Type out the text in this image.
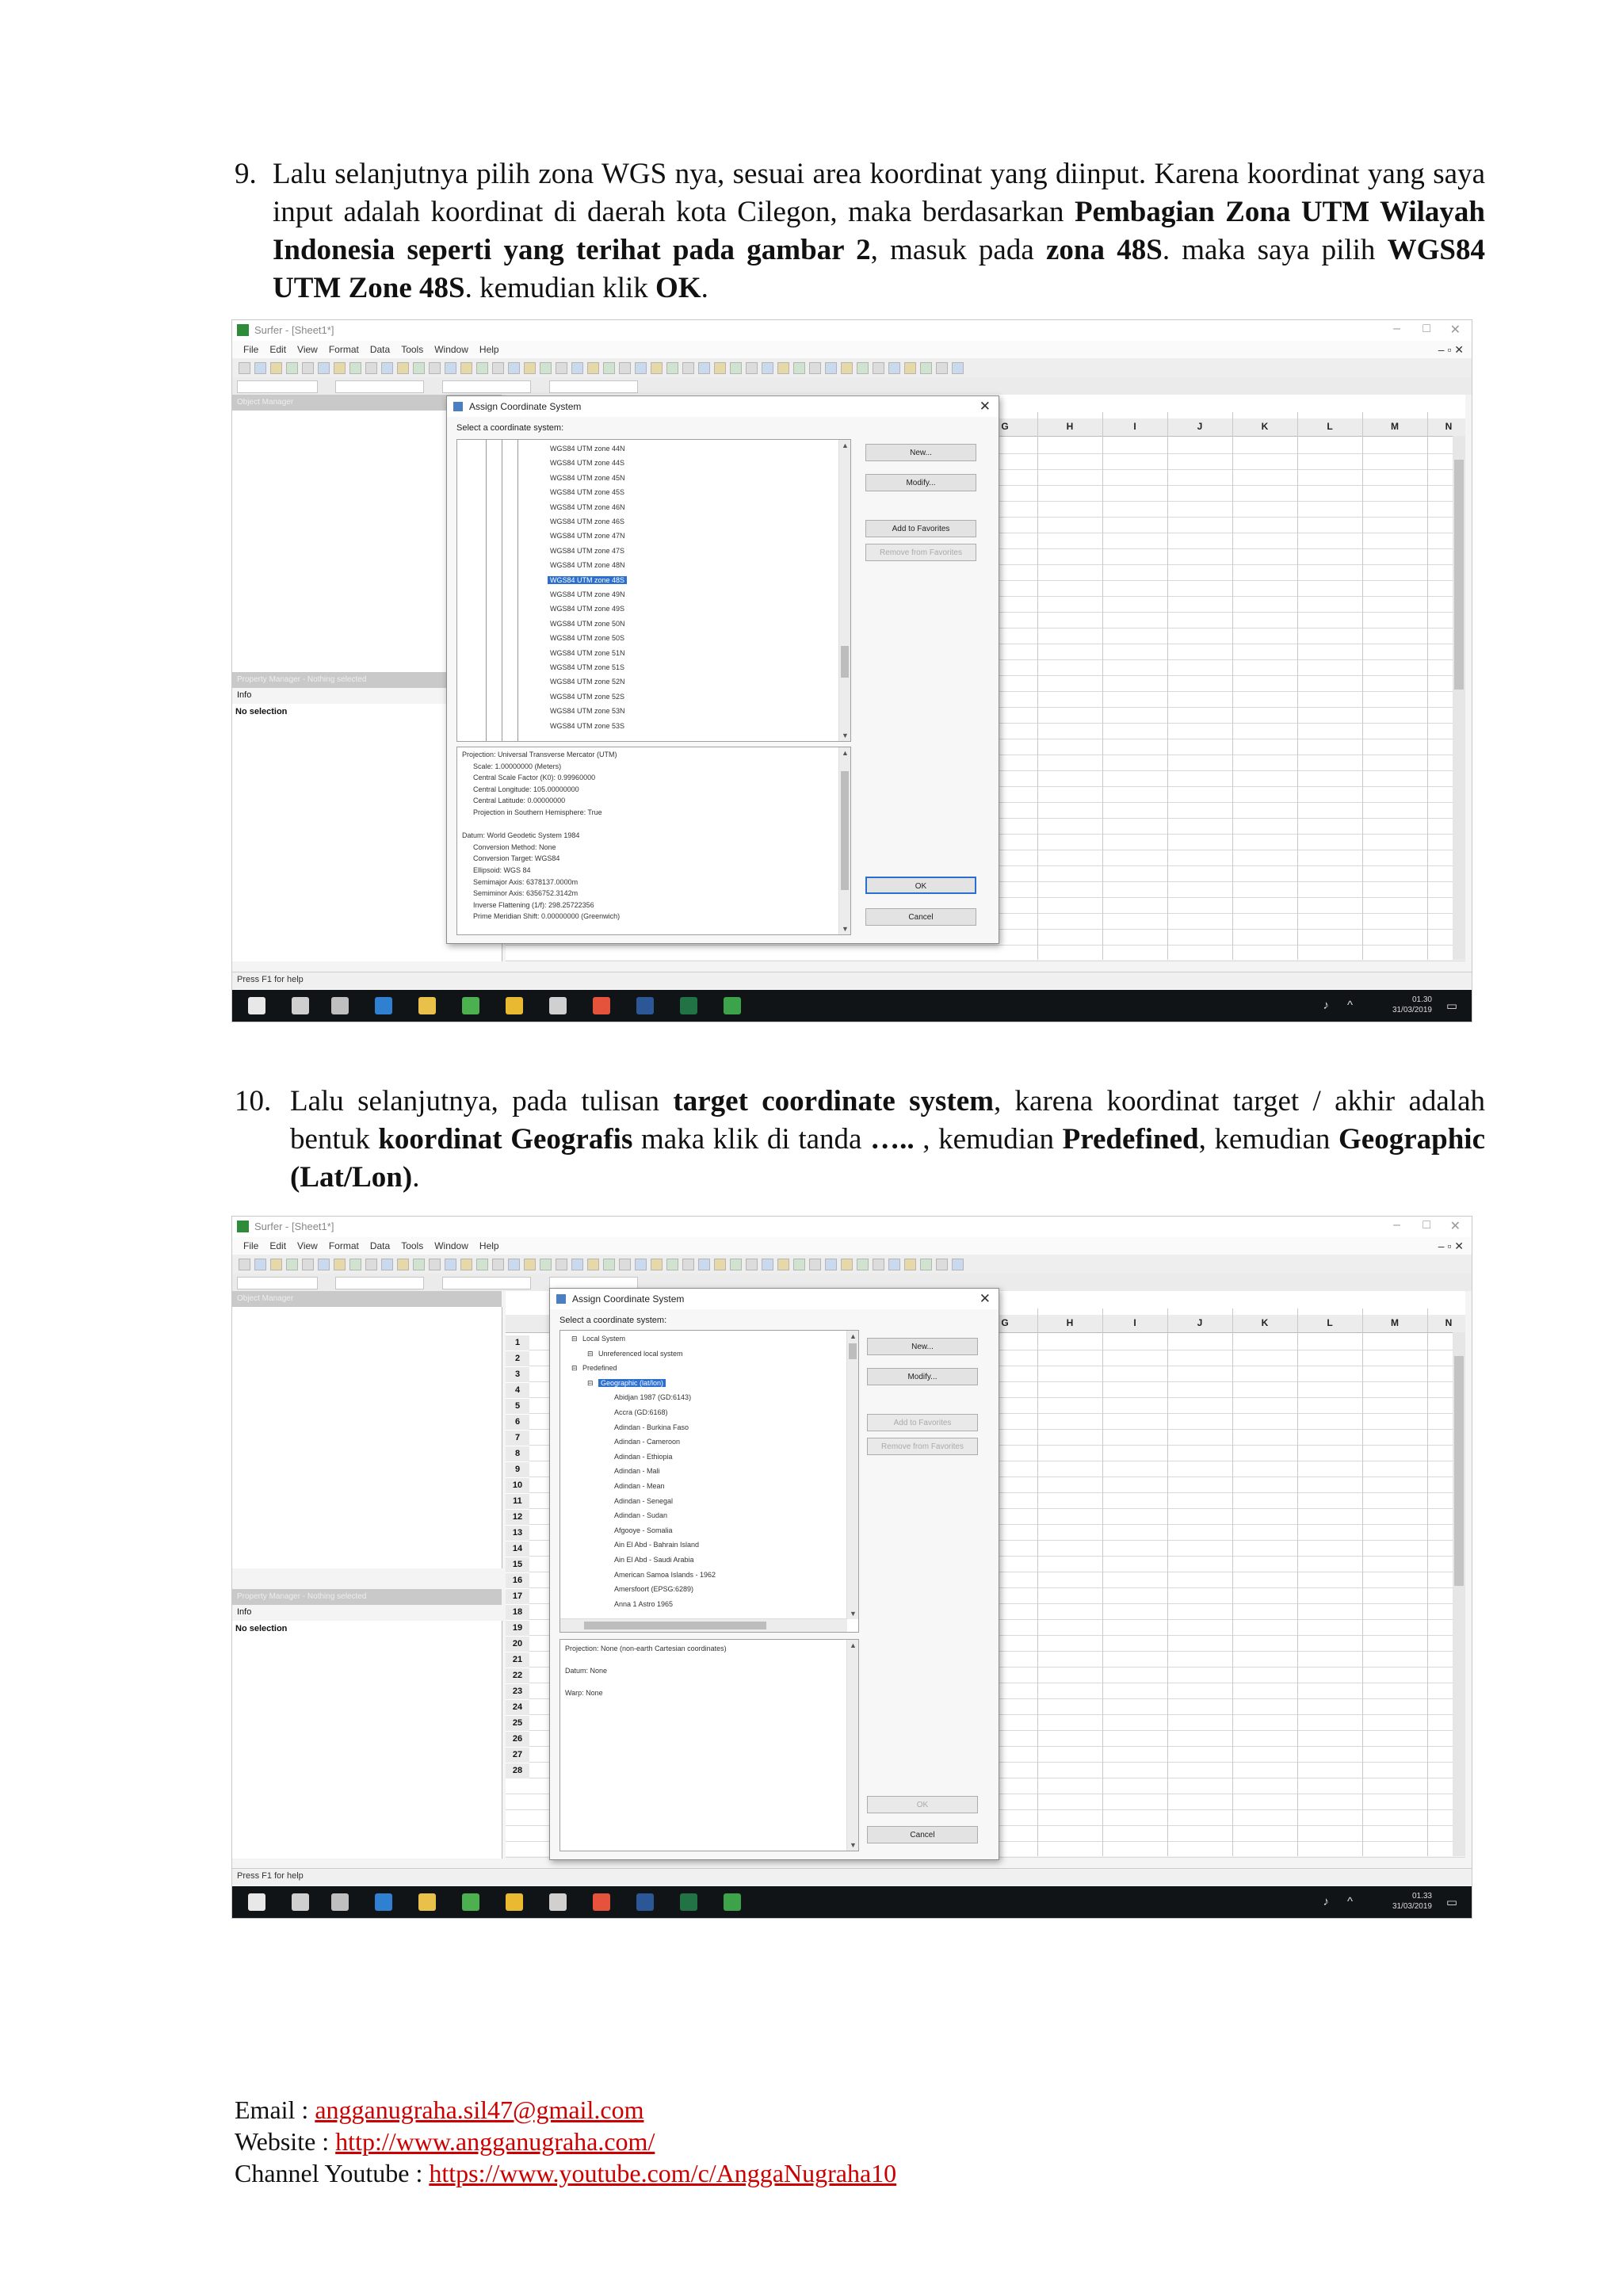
9. Lalu selanjutnya pilih zona WGS nya, sesuai area koordinat yang diinput. Karena koordinat yang saya input adalah koordinat di daerah kota Cilegon, maka berdasarkan Pembagian Zona UTM Wilayah Indonesia seperti yang terihat pada gambar 2, masuk pada zona 48S. maka saya pilih WGS84 UTM Zone 48S. kemudian klik OK.

Surfer - [Sheet1*]	– □ ✕
File Edit View Format Data Tools Window Help	– ▫ ✕
Object Manager
Property Manager - Nothing selected
Info
No selection
G	H	I	J	K	L	M	N
Press F1 for help
♪ ^	▭
01.30
31/03/2019
Assign Coordinate System	✕
Select a coordinate system:
▲
▼
WGS84 UTM zone 44N
WGS84 UTM zone 44S
WGS84 UTM zone 45N
WGS84 UTM zone 45S
WGS84 UTM zone 46N
WGS84 UTM zone 46S
WGS84 UTM zone 47N
WGS84 UTM zone 47S
WGS84 UTM zone 48N
WGS84 UTM zone 48S
WGS84 UTM zone 49N
WGS84 UTM zone 49S
WGS84 UTM zone 50N
WGS84 UTM zone 50S
WGS84 UTM zone 51N
WGS84 UTM zone 51S
WGS84 UTM zone 52N
WGS84 UTM zone 52S
WGS84 UTM zone 53N
WGS84 UTM zone 53S
▲
▼
Projection: Universal Transverse Mercator (UTM)
Scale: 1.00000000 (Meters)
Central Scale Factor (K0): 0.99960000
Central Longitude: 105.00000000
Central Latitude: 0.00000000
Projection in Southern Hemisphere: True
Datum: World Geodetic System 1984
Conversion Method: None
Conversion Target: WGS84
Ellipsoid: WGS 84
Semimajor Axis: 6378137.0000m
Semiminor Axis: 6356752.3142m
Inverse Flattening (1/f): 298.25722356
Prime Meridian Shift: 0.00000000 (Greenwich)
New...
Modify...
Add to Favorites
Remove from Favorites
OK
Cancel
10. Lalu selanjutnya, pada tulisan target coordinate system, karena koordinat target / akhir adalah bentuk koordinat Geografis maka klik di tanda ….. , kemudian Predefined, kemudian Geographic (Lat/Lon).

Surfer - [Sheet1*]	– □ ✕
File Edit View Format Data Tools Window Help	– ▫ ✕
Object Manager
Property Manager - Nothing selected
Info
No selection
G	H	I	J	K	L	M	N
1
2
3
4
5
6
7
8
9
10
11
12
13
14
15
16
17
18
19
20
21
22
23
24
25
26
27
28
Press F1 for help
♪ ^	▭
01.33
31/03/2019
Assign Coordinate System	✕
Select a coordinate system:
▲
▼
⊟ Local System
⊟ Unreferenced local system
⊟ Predefined
⊟	Geographic (lat/lon)
Abidjan 1987 (GD:6143)
Accra (GD:6168)
Adindan - Burkina Faso
Adindan - Cameroon
Adindan - Ethiopia
Adindan - Mali
Adindan - Mean
Adindan - Senegal
Adindan - Sudan
Afgooye - Somalia
Ain El Abd - Bahrain Island
Ain El Abd - Saudi Arabia
American Samoa Islands - 1962
Amersfoort (EPSG:6289)
Anna 1 Astro 1965
▲
▼
Projection: None (non-earth Cartesian coordinates)
Datum: None
Warp: None
New...
Modify...
Add to Favorites
Remove from Favorites
OK
Cancel
Email : angganugraha.sil47@gmail.com
Website : http://www.angganugraha.com/
Channel Youtube : https://www.youtube.com/c/AnggaNugraha10
